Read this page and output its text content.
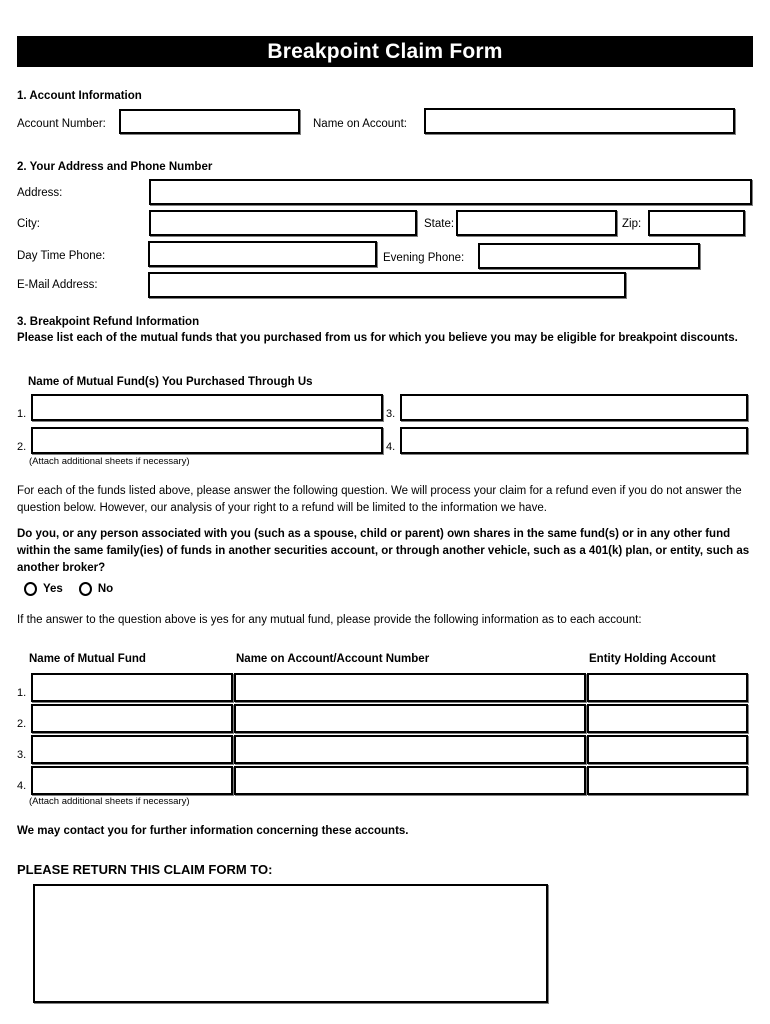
Breakpoint Claim Form
1. Account Information
Account Number:	Name on Account:
2. Your Address and Phone Number
Address:
City:	State:	Zip:
Day Time Phone:	Evening Phone:
E-Mail Address:
3. Breakpoint Refund Information
Please list each of the mutual funds that you purchased from us for which you believe you may be eligible for breakpoint discounts.
Name of Mutual Fund(s) You Purchased Through Us
1.	3.
2.	4.
(Attach additional sheets if necessary)
For each of the funds listed above, please answer the following question. We will process your claim for a refund even if you do not answer the question below. However, our analysis of your right to a refund will be limited to the information we have.
Do you, or any person associated with you (such as a spouse, child or parent) own shares in the same fund(s) or in any other fund within the same family(ies) of funds in another securities account, or through another vehicle, such as a 401(k) plan, or entity, such as another broker?
Yes	No
If the answer to the question above is yes for any mutual fund, please provide the following information as to each account:
Name of Mutual Fund	Name on Account/Account Number	Entity Holding Account
1.
2.
3.
4.
(Attach additional sheets if necessary)
We may contact you for further information concerning these accounts.
PLEASE RETURN THIS CLAIM FORM TO:
